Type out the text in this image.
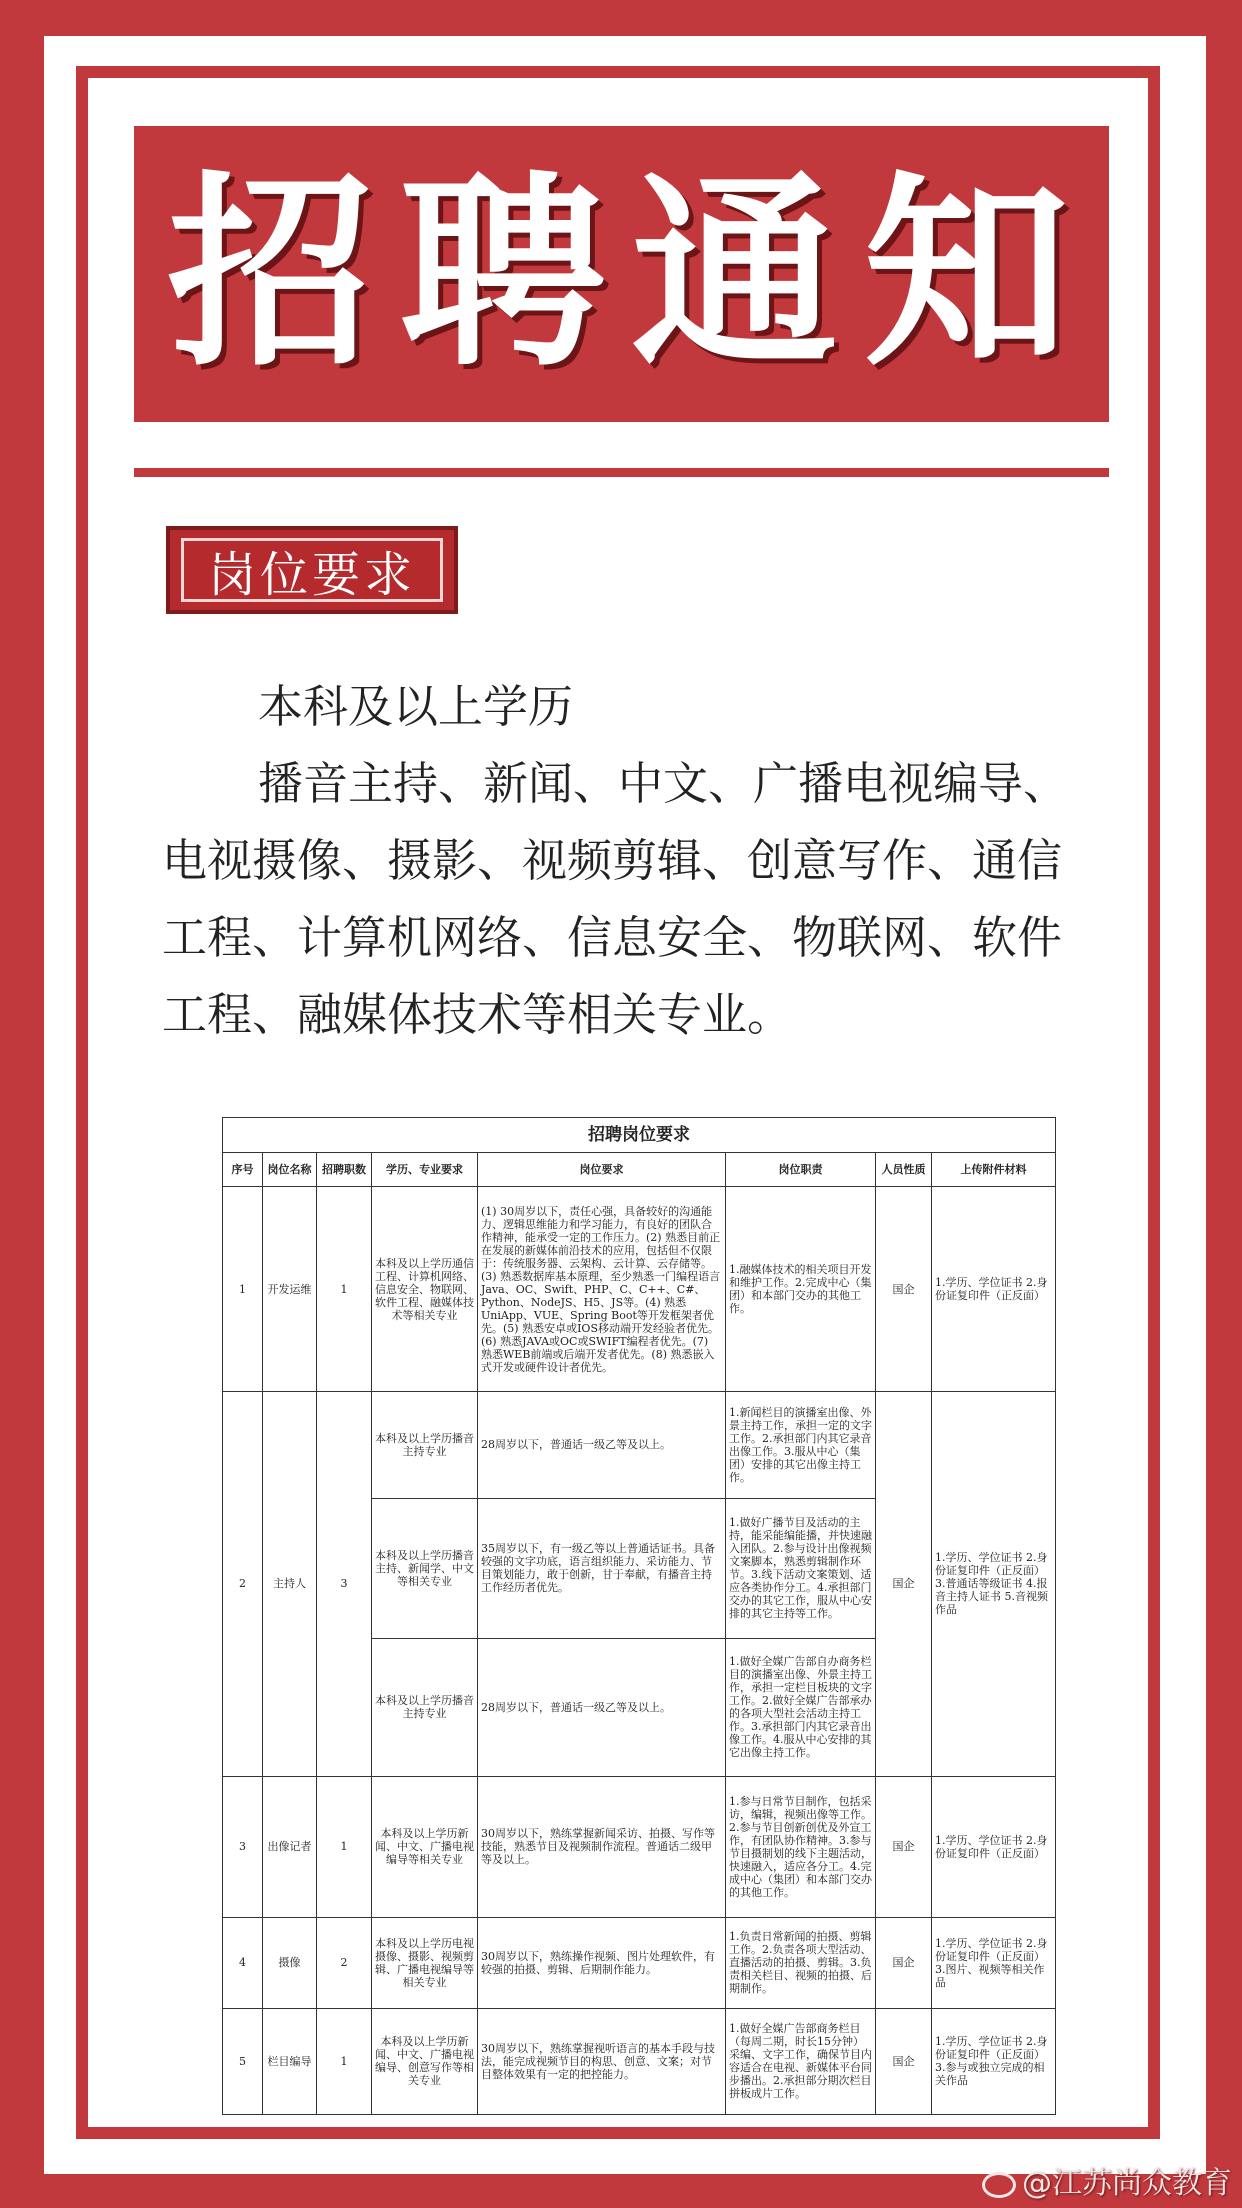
招聘通知
岗位要求

本科及以上学历

播音主持、新闻、中文、广播电视编导、电视摄像、摄影、视频剪辑、创意写作、通信工程、计算机网络、信息安全、物联网、软件工程、融媒体技术等相关专业。

招聘岗位要求							
序号	岗位名称	招聘职数	学历、专业要求	岗位要求	岗位职责	人员性质	上传附件材料
1	开发运维	1	本科及以上学历通信工程、计算机网络、信息安全、物联网、软件工程、融媒体技术等相关专业	(1) 30周岁以下，责任心强，具备较好的沟通能力、逻辑思维能力和学习能力，有良好的团队合作精神，能承受一定的工作压力。(2) 熟悉目前正在发展的新媒体前沿技术的应用，包括但不仅限于：传统服务器、云架构、云计算、云存储等。(3) 熟悉数据库基本原理，至少熟悉一门编程语言Java、OC、Swift、PHP、C、C++、C#、Python、NodeJS、H5、JS等。(4) 熟悉UniApp、VUE、Spring Boot等开发框架者优先。(5) 熟悉安卓或IOS移动端开发经验者优先。(6) 熟悉JAVA或OC或SWIFT编程者优先。(7) 熟悉WEB前端或后端开发者优先。(8) 熟悉嵌入式开发或硬件设计者优先。	1.融媒体技术的相关项目开发和维护工作。2.完成中心（集团）和本部门交办的其他工作。	国企	1.学历、学位证书 2.身份证复印件（正反面）
2	主持人	3	本科及以上学历播音主持专业	28周岁以下，普通话一级乙等及以上。	1.新闻栏目的演播室出像、外景主持工作，承担一定的文字工作。2.承担部门内其它录音出像工作。3.服从中心（集团）安排的其它出像主持工作。	国企	1.学历、学位证书 2.身份证复印件（正反面）3.普通话等级证书 4.报音主持人证书 5.音视频作品
			本科及以上学历播音主持、新闻学、中文等相关专业	35周岁以下，有一级乙等以上普通话证书。具备较强的文字功底，语言组织能力、采访能力、节目策划能力，敢于创新，甘于奉献，有播音主持工作经历者优先。	1.做好广播节目及活动的主持，能采能编能播，并快速融入团队。2.参与设计出像视频文案脚本，熟悉剪辑制作环节。3.线下活动文案策划、适应各类协作分工。4.承担部门交办的其它工作，服从中心安排的其它主持等工作。		
			本科及以上学历播音主持专业	28周岁以下，普通话一级乙等及以上。	1.做好全媒广告部自办商务栏目的演播室出像、外景主持工作，承担一定栏目板块的文字工作。2.做好全媒广告部承办的各项大型社会活动主持工作。3.承担部门内其它录音出像工作。4.服从中心安排的其它出像主持工作。		
3	出像记者	1	本科及以上学历新闻、中文、广播电视编导等相关专业	30周岁以下，熟练掌握新闻采访、拍摄、写作等技能，熟悉节目及视频制作流程。普通话二级甲等及以上。	1.参与日常节目制作，包括采访，编辑，视频出像等工作。2.参与节目创新创优及外宣工作，有团队协作精神。3.参与节目摄制划的线下主题活动，快速融入，适应各分工。4.完成中心（集团）和本部门交办的其他工作。	国企	1.学历、学位证书 2.身份证复印件（正反面）
4	摄像	2	本科及以上学历电视摄像、摄影、视频剪辑、广播电视编导等相关专业	30周岁以下，熟练操作视频、图片处理软件，有较强的拍摄、剪辑、后期制作能力。	1.负责日常新闻的拍摄、剪辑工作。2.负责各项大型活动、直播活动的拍摄、剪辑。3.负责相关栏目、视频的拍摄、后期制作。	国企	1.学历、学位证书 2.身份证复印件（正反面）3.图片、视频等相关作品
5	栏目编导	1	本科及以上学历新闻、中文、广播电视编导、创意写作等相关专业	30周岁以下，熟练掌握视听语言的基本手段与技法，能完成视频节目的构思、创意、文案；对节目整体效果有一定的把控能力。	1.做好全媒广告部商务栏目（每周二期，时长15分钟）采编、文字工作，确保节目内容适合在电视、新媒体平台同步播出。2.承担部分期次栏目拼板成片工作。	国企	1.学历、学位证书 2.身份证复印件（正反面）3.参与或独立完成的相关作品
@江苏尚众教育
